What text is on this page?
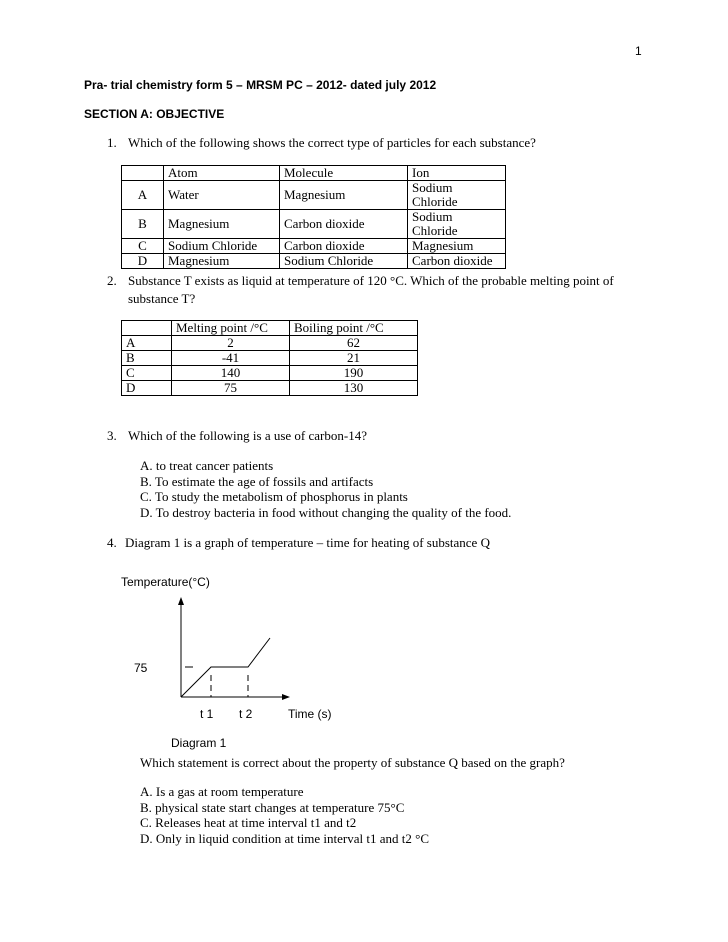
1
Pra- trial chemistry form 5 – MRSM PC – 2012- dated july 2012
SECTION A: OBJECTIVE
1. Which of the following shows the correct type of particles for each substance?
	Atom	Molecule	Ion
A	Water	Magnesium	Sodium Chloride
B	Magnesium	Carbon dioxide	Sodium Chloride
C	Sodium Chloride	Carbon dioxide	Magnesium
D	Magnesium	Sodium Chloride	Carbon dioxide
2. Substance T exists as liquid at temperature of 120 °C. Which of the probable melting point of
substance T?
	Melting point /°C	Boiling point /°C
A	2	62
B	-41	21
C	140	190
D	75	130
3. Which of the following is a use of carbon-14?
A. to treat cancer patients
B. To estimate the age of fossils and artifacts
C. To study the metabolism of phosphorus in plants
D. To destroy bacteria in food without changing the quality of the food.
4. Diagram 1 is a graph of temperature – time for heating of substance Q
Temperature(°C)
75
t 1 t 2	Time (s)
Diagram 1
Which statement is correct about the property of substance Q based on the graph?
A. Is a gas at room temperature
B. physical state start changes at temperature 75°C
C. Releases heat at time interval t1 and t2
D. Only in liquid condition at time interval t1 and t2 °C
